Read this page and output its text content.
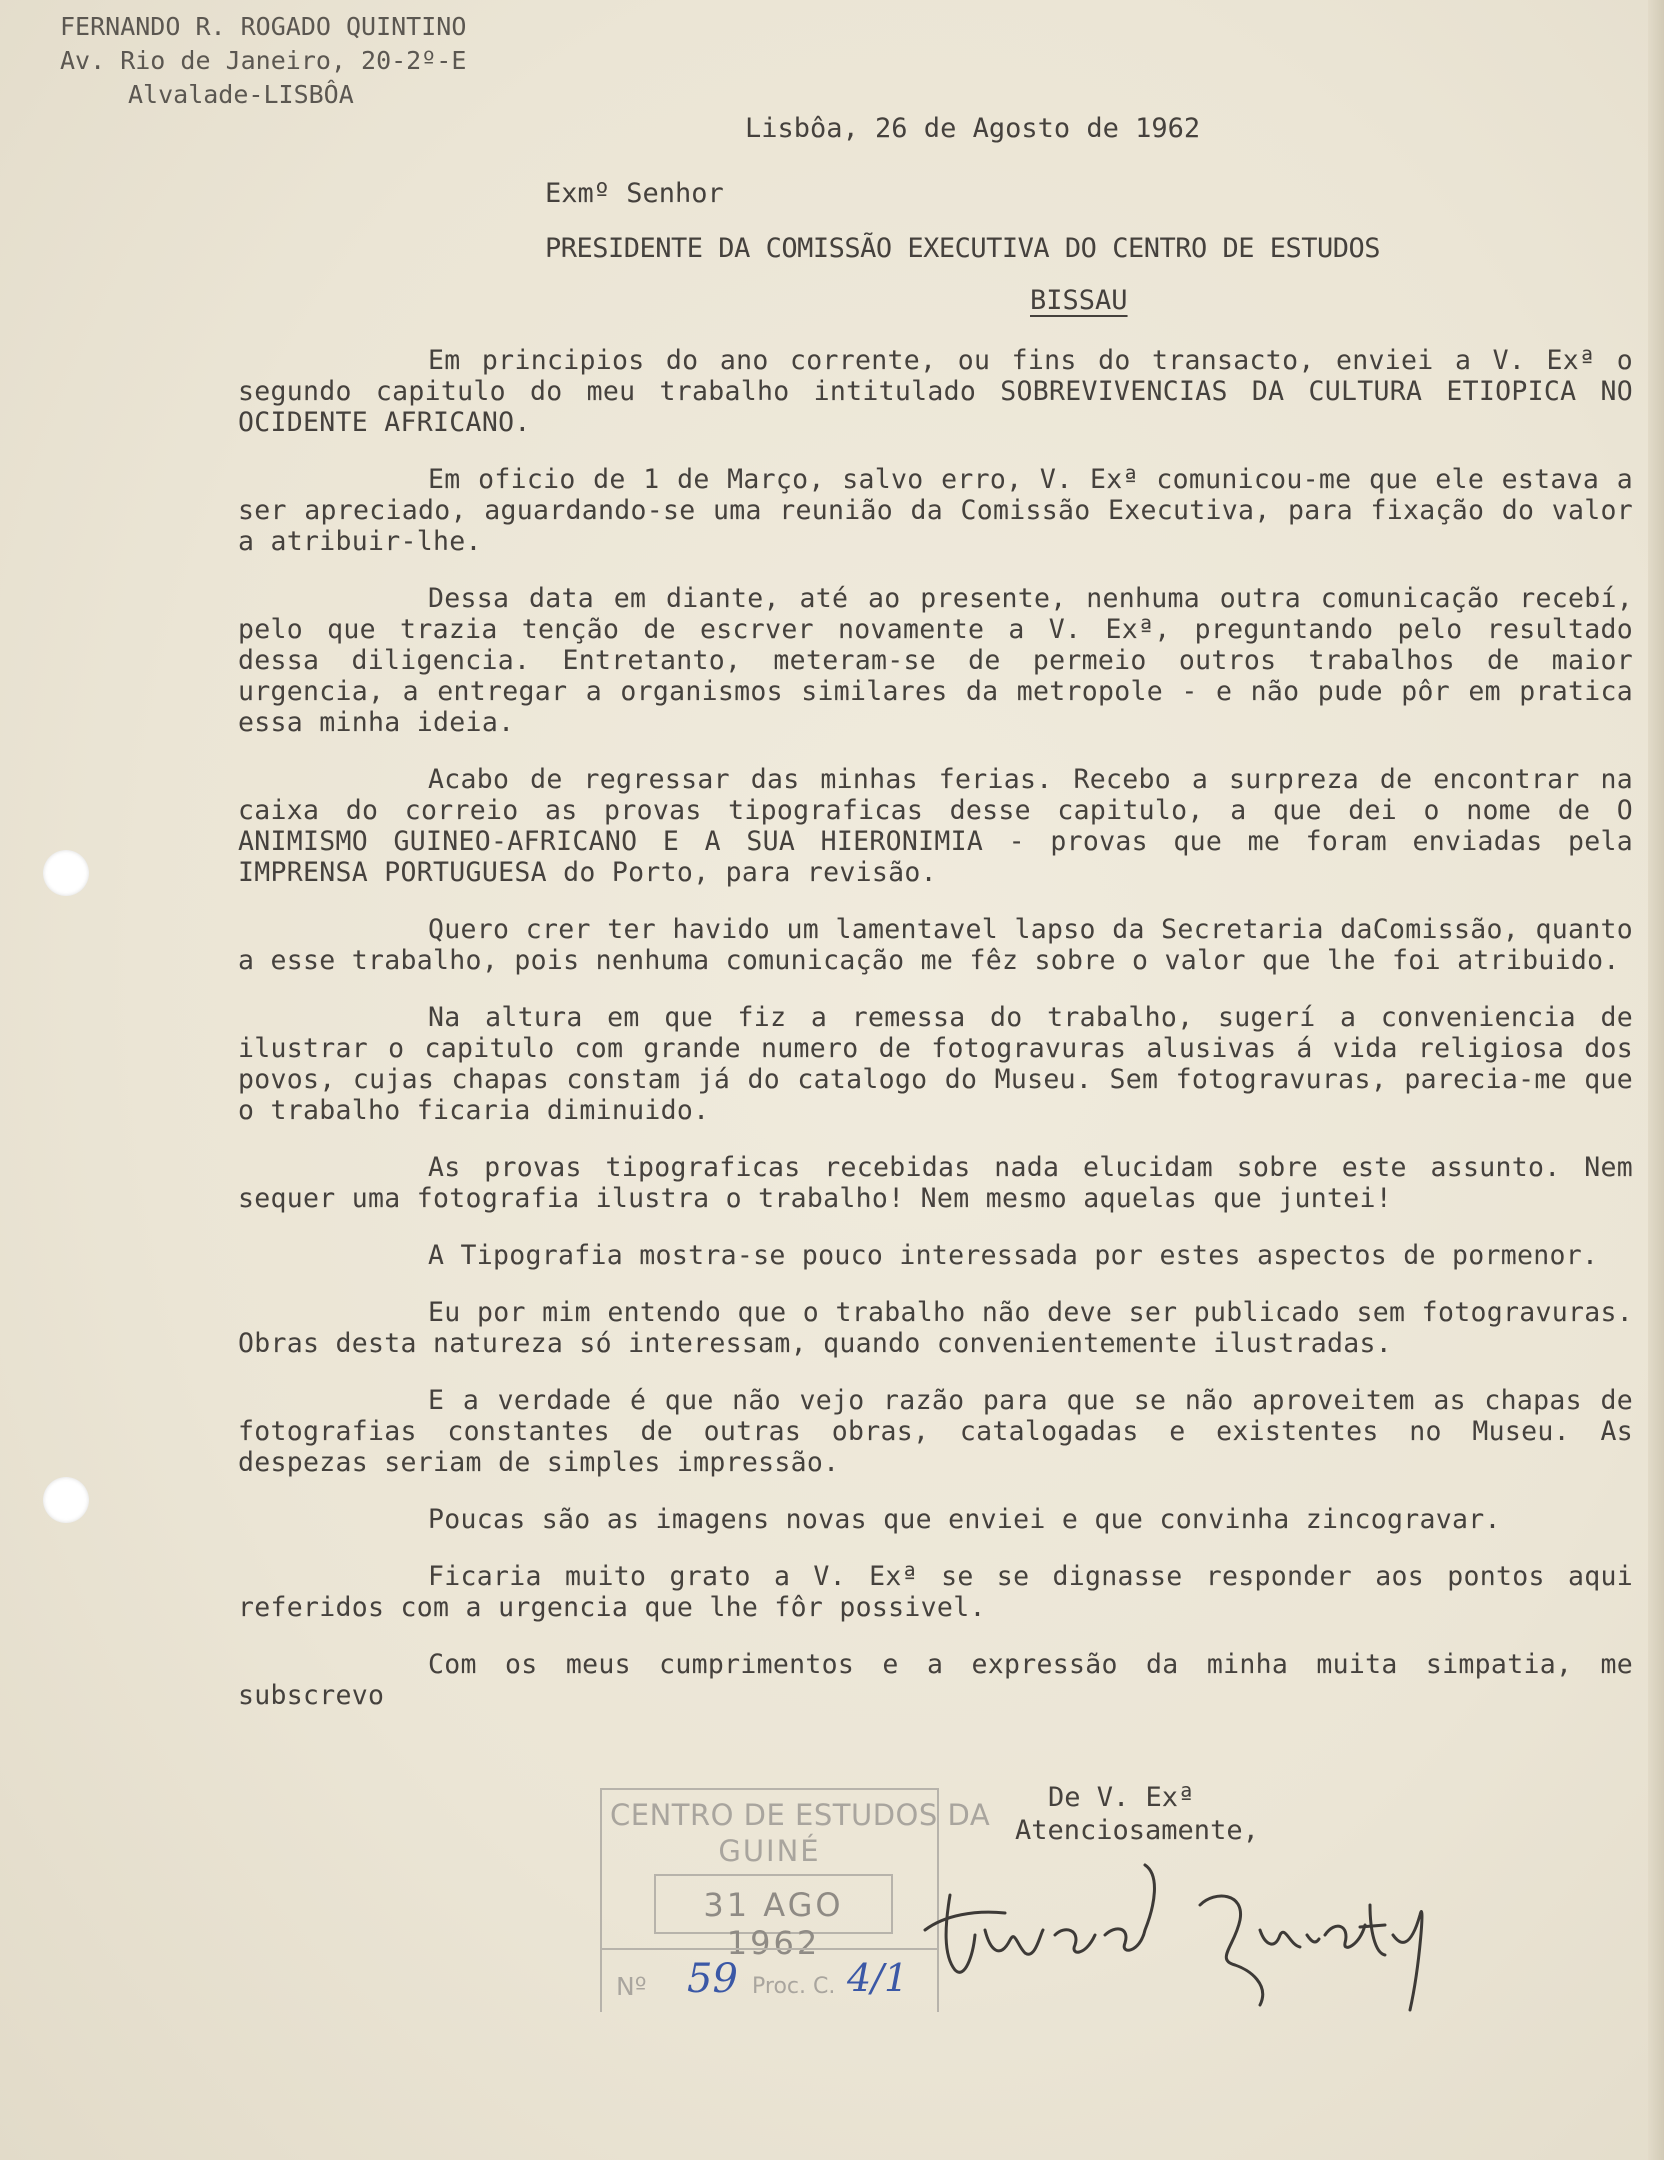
FERNANDO R. ROGADO QUINTINO
Av. Rio de Janeiro, 20-2º-E
Alvalade-LISBÔA
Lisbôa, 26 de Agosto de 1962
Exmº Senhor
PRESIDENTE DA COMISSÃO EXECUTIVA DO CENTRO DE ESTUDOS
BISSAU

Em principios do ano corrente, ou fins do transacto, enviei a V. Exª o segundo capitulo do meu trabalho intitulado SOBREVIVENCIAS DA CULTURA ETIOPICA NO OCIDENTE AFRICANO.

Em oficio de 1 de Março, salvo erro, V. Exª comunicou-me que ele estava a ser apreciado, aguardando-se uma reunião da Comissão Executiva, para fixação do valor a atribuir-lhe.

Dessa data em diante, até ao presente, nenhuma outra comunicação recebí, pelo que trazia tenção de escrver novamente a V. Exª, preguntando pelo resultado dessa diligencia. Entretanto, meteram-se de permeio outros trabalhos de maior urgencia, a entregar a organismos similares da metropole - e não pude pôr em pratica essa minha ideia.

Acabo de regressar das minhas ferias. Recebo a surpreza de encontrar na caixa do correio as provas tipograficas desse capitulo, a que dei o nome de O ANIMISMO GUINEO-AFRICANO E A SUA HIERONIMIA - provas que me foram enviadas pela IMPRENSA PORTUGUESA do Porto, para revisão.

Quero crer ter havido um lamentavel lapso da Secretaria daComissão, quanto a esse trabalho, pois nenhuma comunicação me fêz sobre o valor que lhe foi atribuido.

Na altura em que fiz a remessa do trabalho, sugerí a conveniencia de ilustrar o capitulo com grande numero de fotogravuras alusivas á vida religiosa dos povos, cujas chapas constam já do catalogo do Museu. Sem fotogravuras, parecia-me que o trabalho ficaria diminuido.

As provas tipograficas recebidas nada elucidam sobre este assunto. Nem sequer uma fotografia ilustra o trabalho! Nem mesmo aquelas que juntei!

A Tipografia mostra-se pouco interessada por estes aspectos de pormenor.

Eu por mim entendo que o trabalho não deve ser publicado sem fotogravuras. Obras desta natureza só interessam, quando convenientemente ilustradas.

E a verdade é que não vejo razão para que se não aproveitem as chapas de fotografias constantes de outras obras, catalogadas e existentes no Museu. As despezas seriam de simples impressão.

Poucas são as imagens novas que enviei e que convinha zincogravar.

Ficaria muito grato a V. Exª se se dignasse responder aos pontos aqui referidos com a urgencia que lhe fôr possivel.

Com os meus cumprimentos e a expressão da minha muita simpatia, me subscrevo

CENTRO DE ESTUDOS DA
GUINÉ
31 AGO 1962
Nº 59 Proc. C. 4/1
De V. Exª
Atenciosamente,
